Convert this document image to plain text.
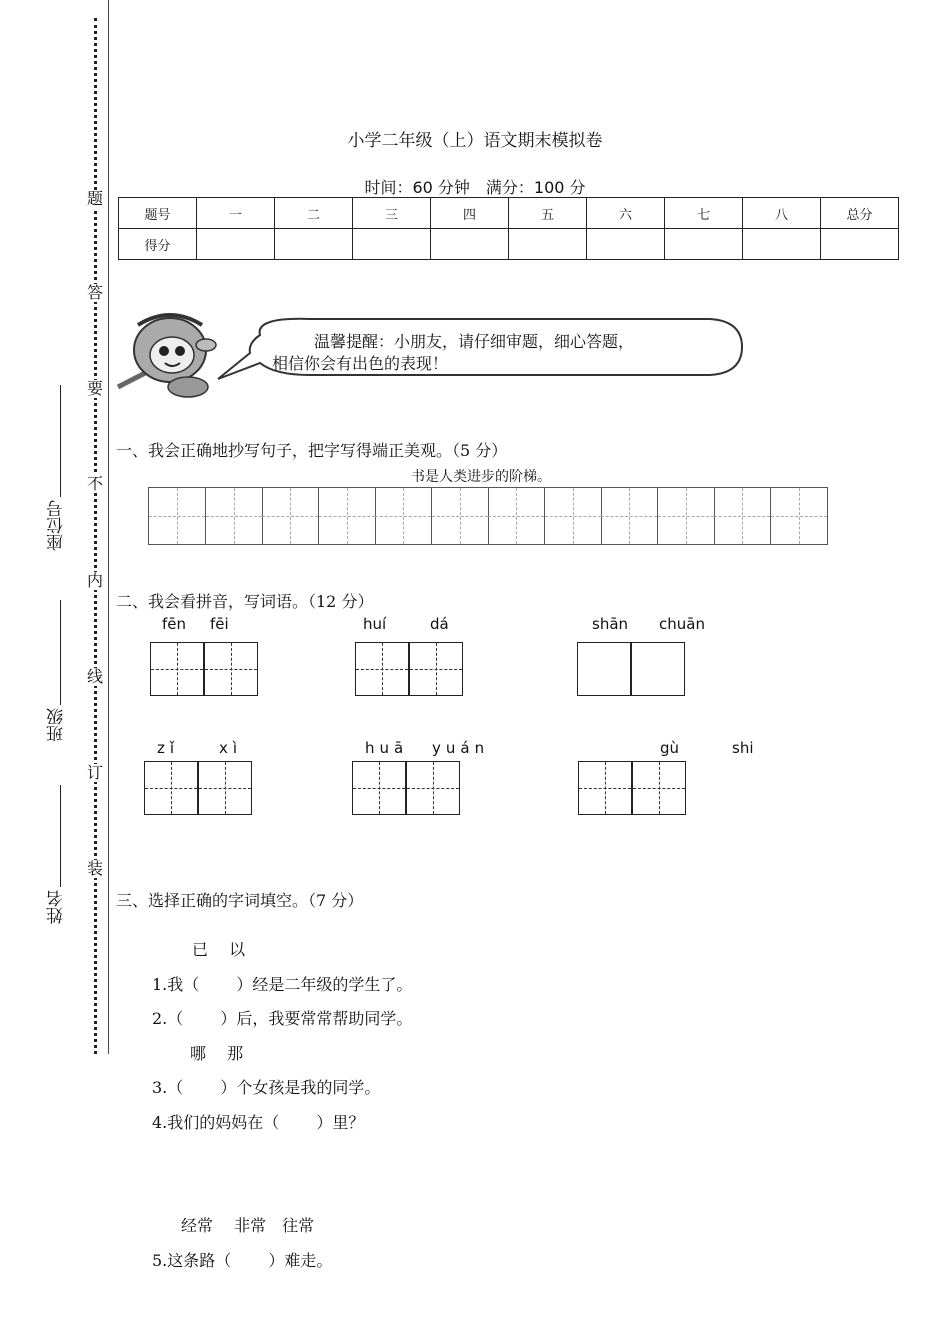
题
答
要
不
内
线
订
装
座位号
班级
姓名
小学二年级（上）语文期末模拟卷
时间：60 分钟　满分：100 分
题号	一	二	三	四	五	六	七	八	总分
得分									
温馨提醒：小朋友，请仔细审题，细心答题，
相信你会有出色的表现！
一、我会正确地抄写句子，把字写得端正美观。（5 分）
书是人类进步的阶梯。
二、我会看拼音，写词语。（12 分）
fēn fēi	huí	dá	shān chuān
zǐ	xì	huā yuán	gù	shi
三、选择正确的字词填空。（7 分）
已　 以
1.我（　　 ）经是二年级的学生了。
2.（　　 ）后，我要常常帮助同学。
哪　 那
3.（　　 ）个女孩是我的同学。
4.我们的妈妈在（　　 ）里？
经常　 非常　往常
5.这条路（　　 ）难走。
